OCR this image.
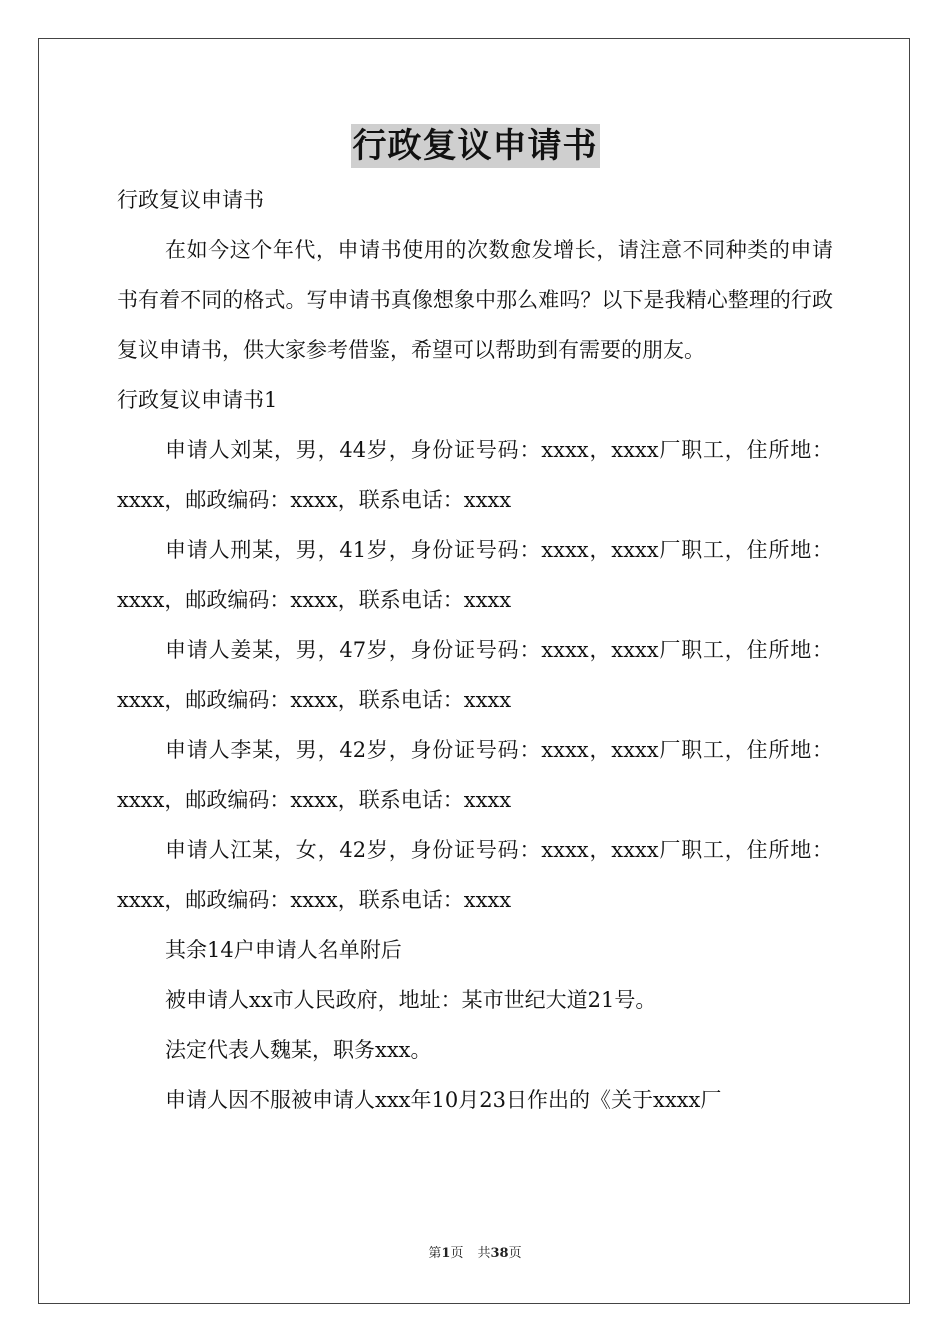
行政复议申请书

行政复议申请书

在如今这个年代，申请书使用的次数愈发增长，请注意不同种类的申请书有着不同的格式。写申请书真像想象中那么难吗？以下是我精心整理的行政复议申请书，供大家参考借鉴，希望可以帮助到有需要的朋友。

行政复议申请书1

申请人刘某，男，44岁，身份证号码：xxxx，xxxx厂职工，住所地：xxxx，邮政编码：xxxx，联系电话：xxxx

申请人刑某，男，41岁，身份证号码：xxxx，xxxx厂职工，住所地：xxxx，邮政编码：xxxx，联系电话：xxxx

申请人姜某，男，47岁，身份证号码：xxxx，xxxx厂职工，住所地：xxxx，邮政编码：xxxx，联系电话：xxxx

申请人李某，男，42岁，身份证号码：xxxx，xxxx厂职工，住所地：xxxx，邮政编码：xxxx，联系电话：xxxx

申请人江某，女，42岁，身份证号码：xxxx，xxxx厂职工，住所地：xxxx，邮政编码：xxxx，联系电话：xxxx

其余14户申请人名单附后

被申请人xx市人民政府，地址：某市世纪大道21号。

法定代表人魏某，职务xxx。

申请人因不服被申请人xxx年10月23日作出的《关于xxxx厂

第1页 共38页
